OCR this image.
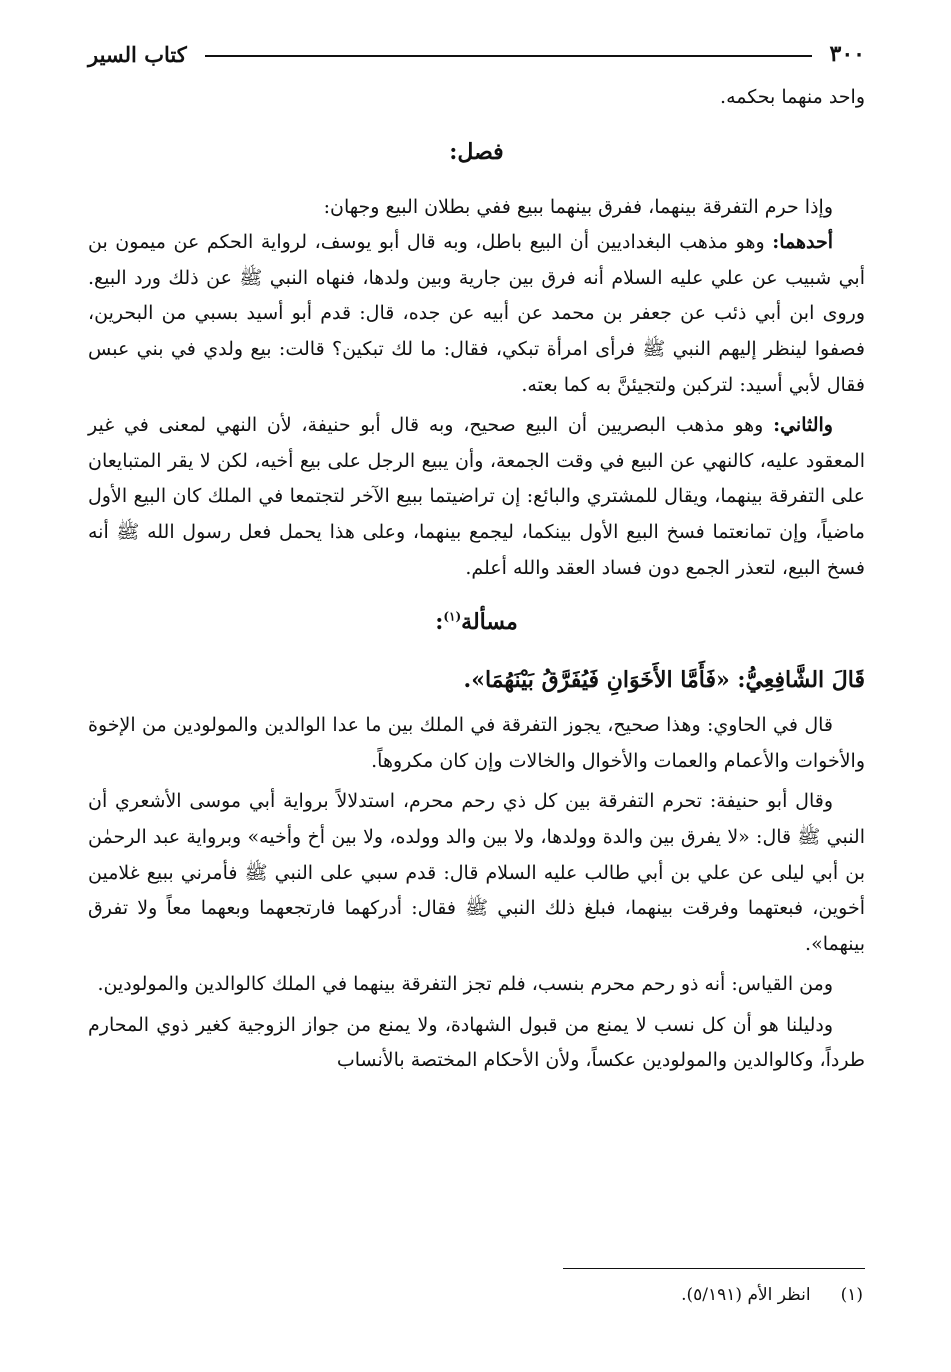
٣٠٠
كتاب السير

واحد منهما بحكمه.

فصل:

وإذا حرم التفرقة بينهما، ففرق بينهما ببيع ففي بطلان البيع وجهان:

أحدهما: وهو مذهب البغداديين أن البيع باطل، وبه قال أبو يوسف، لرواية الحكم عن ميمون بن أبي شبيب عن علي عليه السلام أنه فرق بين جارية وبين ولدها، فنهاه النبي ﷺ عن ذلك ورد البيع. وروى ابن أبي ذئب عن جعفر بن محمد عن أبيه عن جده، قال: قدم أبو أسيد بسبي من البحرين، فصفوا لينظر إليهم النبي ﷺ فرأى امرأة تبكي، فقال: ما لك تبكين؟ قالت: بيع ولدي في بني عبس فقال لأبي أسيد: لتركبن ولتجيئنَّ به كما بعته.

والثاني: وهو مذهب البصريين أن البيع صحيح، وبه قال أبو حنيفة، لأن النهي لمعنى في غير المعقود عليه، كالنهي عن البيع في وقت الجمعة، وأن يبيع الرجل على بيع أخيه، لكن لا يقر المتبايعان على التفرقة بينهما، ويقال للمشتري والبائع: إن تراضيتما ببيع الآخر لتجتمعا في الملك كان البيع الأول ماضياً، وإن تمانعتما فسخ البيع الأول بينكما، ليجمع بينهما، وعلى هذا يحمل فعل رسول الله ﷺ أنه فسخ البيع، لتعذر الجمع دون فساد العقد والله أعلم.

مسألة$^{(١)}$:

قَالَ الشَّافِعِيُّ: «فَأَمَّا الأَخَوَانِ فَيُفَرَّقُ بَيْنَهُمَا».

قال في الحاوي: وهذا صحيح، يجوز التفرقة في الملك بين ما عدا الوالدين والمولودين من الإخوة والأخوات والأعمام والعمات والأخوال والخالات وإن كان مكروهاً.

وقال أبو حنيفة: تحرم التفرقة بين كل ذي رحم محرم، استدلالاً برواية أبي موسى الأشعري أن النبي ﷺ قال: «لا يفرق بين والدة وولدها، ولا بين والد وولده، ولا بين أخ وأخيه» وبرواية عبد الرحمٰن بن أبي ليلى عن علي بن أبي طالب عليه السلام قال: قدم سبي على النبي ﷺ فأمرني ببيع غلامين أخوين، فبعتهما وفرقت بينهما، فبلغ ذلك النبي ﷺ فقال: أدركهما فارتجعهما وبعهما معاً ولا تفرق بينهما».

ومن القياس: أنه ذو رحم محرم بنسب، فلم تجز التفرقة بينهما في الملك كالوالدين والمولودين.

ودليلنا هو أن كل نسب لا يمنع من قبول الشهادة، ولا يمنع من جواز الزوجية كغير ذوي المحارم طرداً، وكالوالدين والمولودين عكساً، ولأن الأحكام المختصة بالأنساب

(١)انظر الأم (٥/١٩١).
